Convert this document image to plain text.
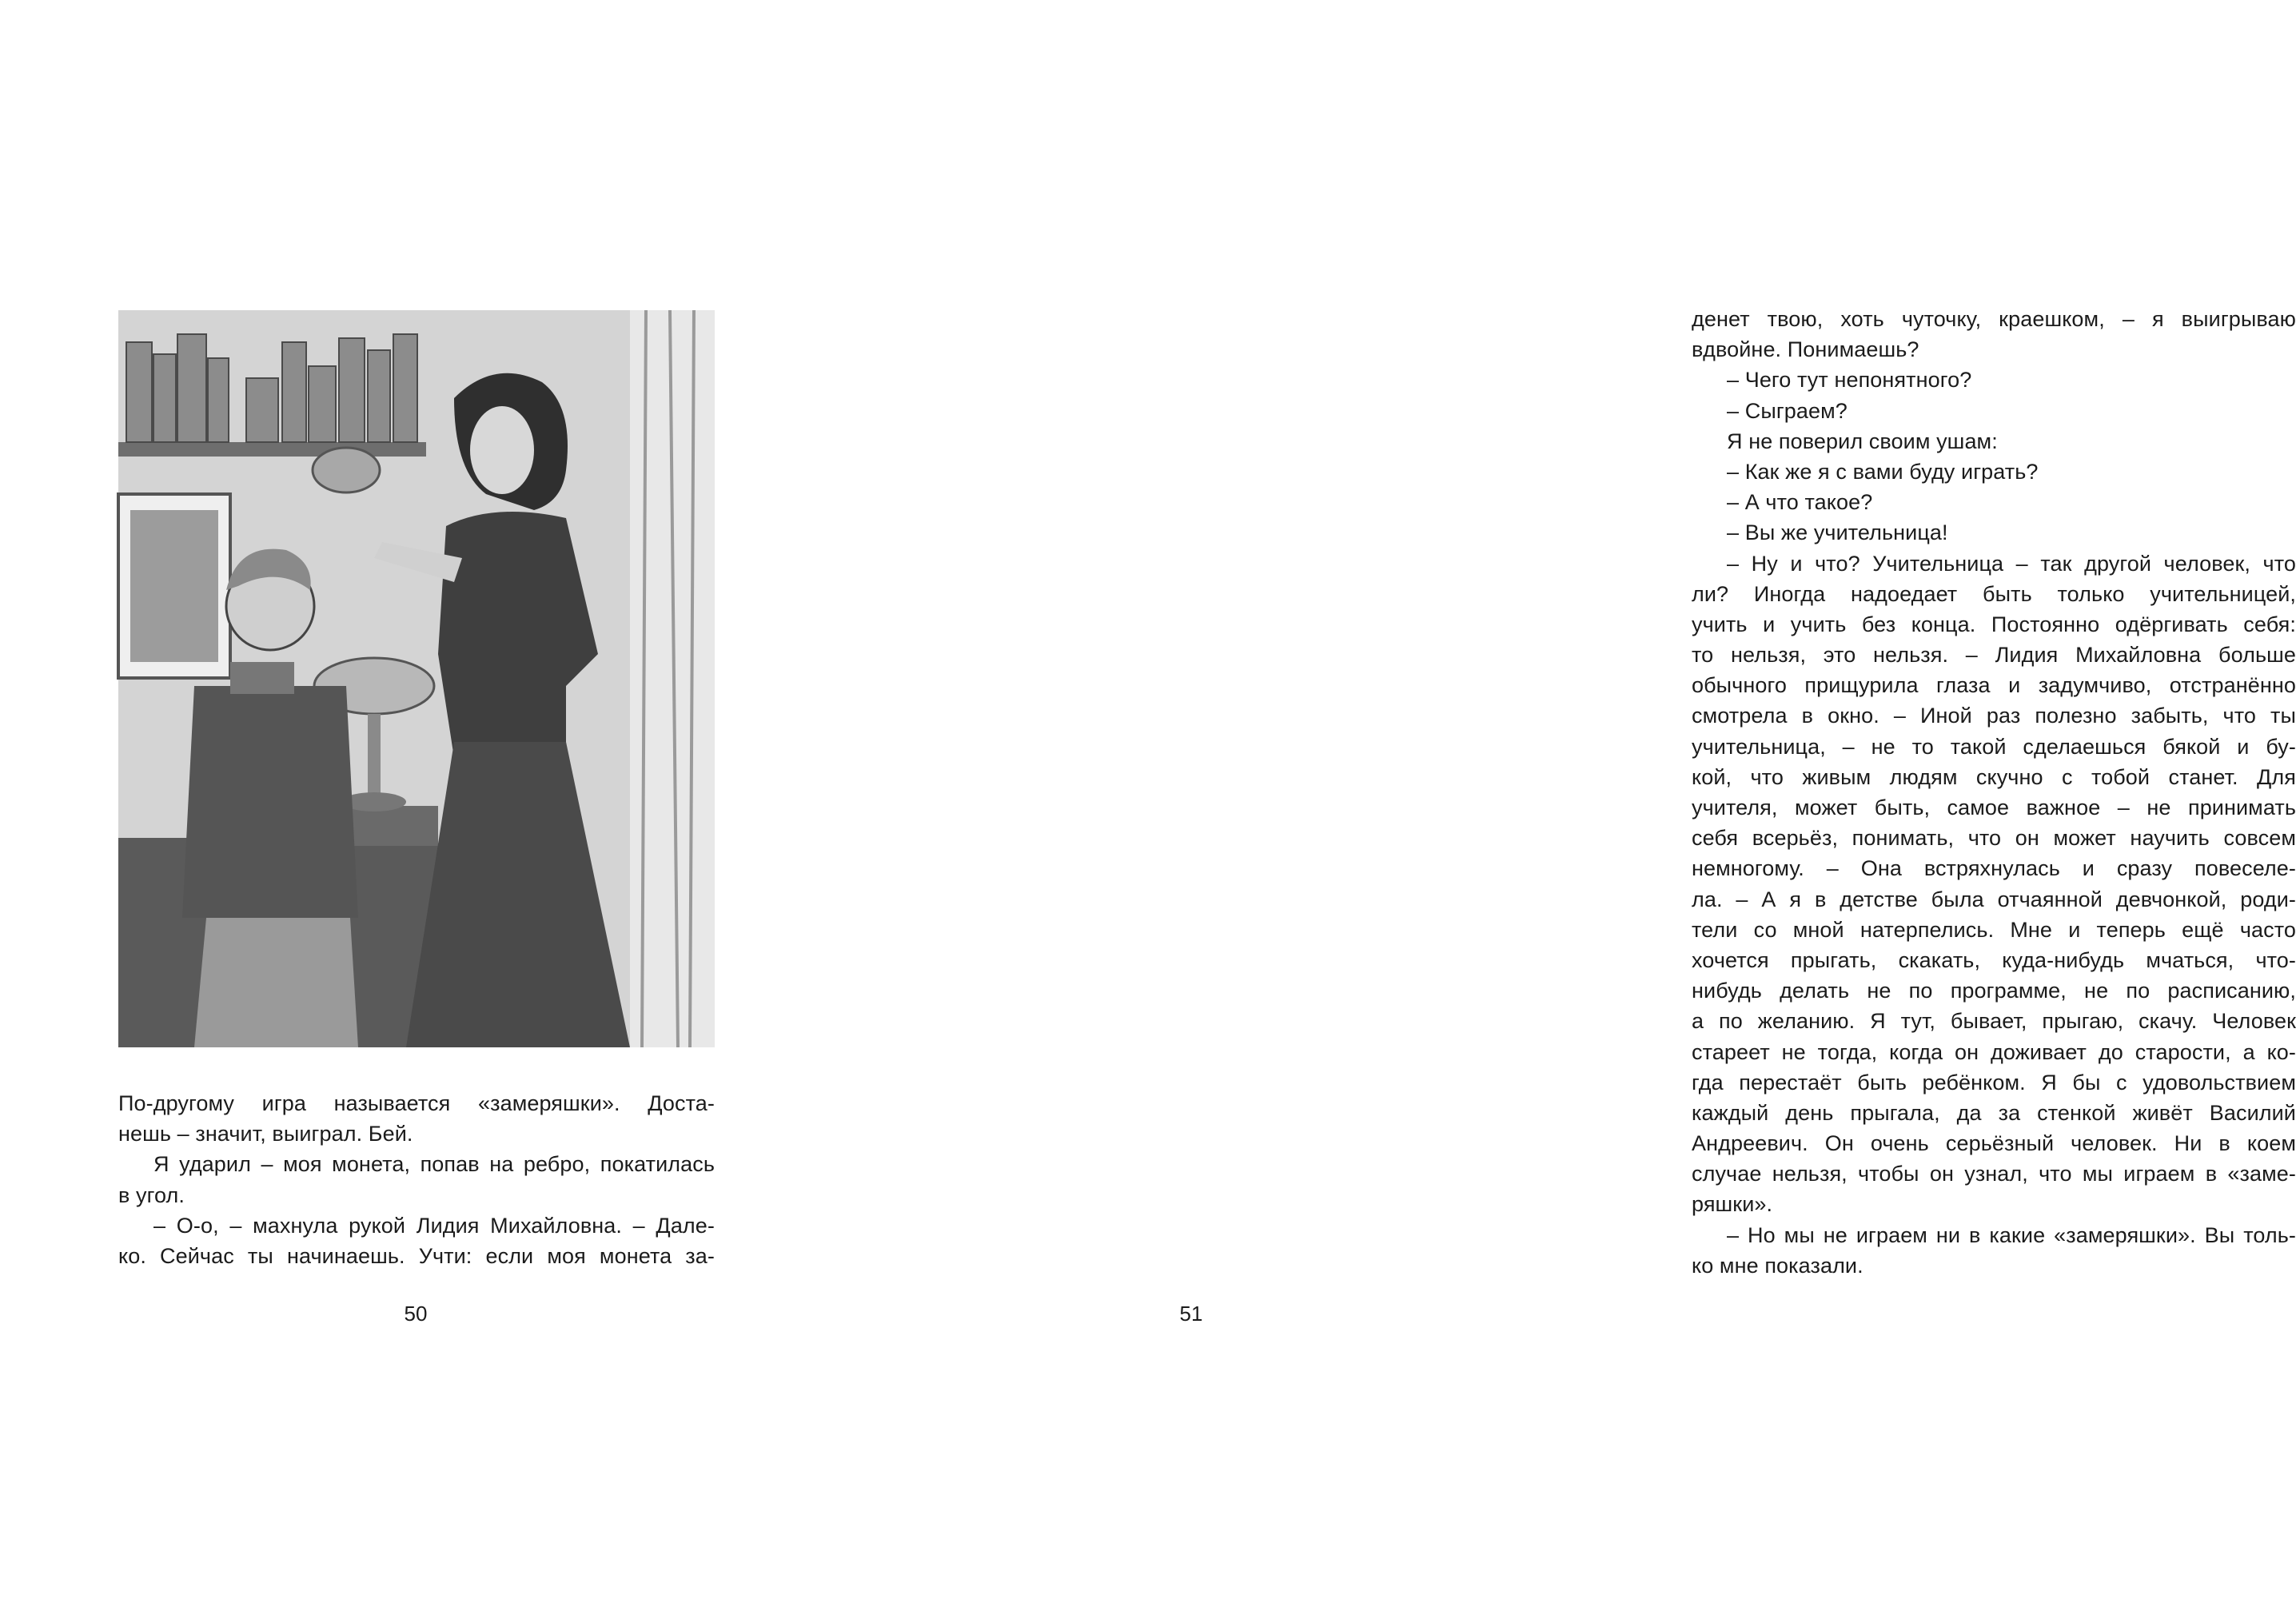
По-другому игра называется «замеряшки». Доста-
нешь – значит, выиграл. Бей.
Я ударил – моя монета, попав на ребро, покатилась
в угол.
– О-о, – махнула рукой Лидия Михайловна. – Дале-
ко. Сейчас ты начинаешь. Учти: если моя монета за-
50
денет твою, хоть чуточку, краешком, – я выигрываю
вдвойне. Понимаешь?
– Чего тут непонятного?
– Сыграем?
Я не поверил своим ушам:
– Как же я с вами буду играть?
– А что такое?
– Вы же учительница!
– Ну и что? Учительница – так другой человек, что
ли? Иногда надоедает быть только учительницей,
учить и учить без конца. Постоянно одёргивать себя:
то нельзя, это нельзя. – Лидия Михайловна больше
обычного прищурила глаза и задумчиво, отстранённо
смотрела в окно. – Иной раз полезно забыть, что ты
учительница, – не то такой сделаешься бякой и бу-
кой, что живым людям скучно с тобой станет. Для
учителя, может быть, самое важное – не принимать
себя всерьёз, понимать, что он может научить совсем
немногому. – Она встряхнулась и сразу повеселе-
ла. – А я в детстве была отчаянной девчонкой, роди-
тели со мной натерпелись. Мне и теперь ещё часто
хочется прыгать, скакать, куда-нибудь мчаться, что-
нибудь делать не по программе, не по расписанию,
а по желанию. Я тут, бывает, прыгаю, скачу. Человек
стареет не тогда, когда он доживает до старости, а ко-
гда перестаёт быть ребёнком. Я бы с удовольствием
каждый день прыгала, да за стенкой живёт Василий
Андреевич. Он очень серьёзный человек. Ни в коем
случае нельзя, чтобы он узнал, что мы играем в «заме-
ряшки».
– Но мы не играем ни в какие «замеряшки». Вы толь-
ко мне показали.
51
